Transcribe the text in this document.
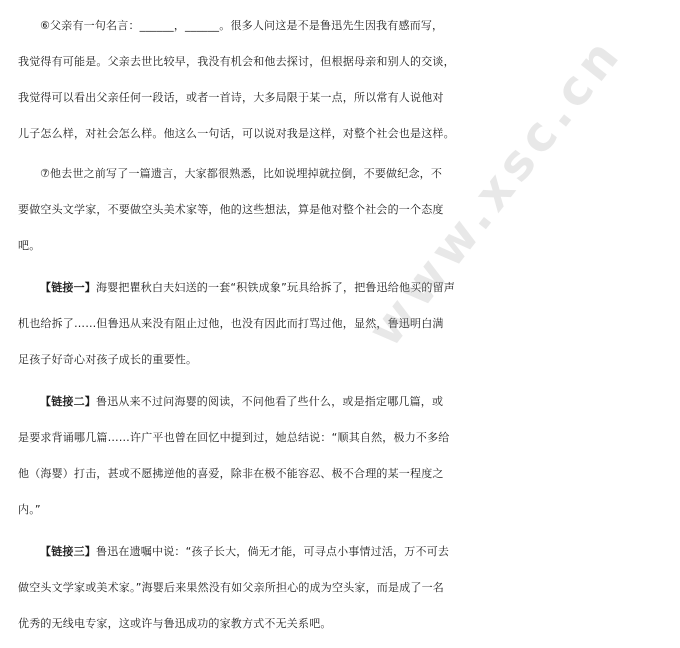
⑥父亲有一句名言：______，______。很多人问这是不是鲁迅先生因我有感而写，
我觉得有可能是。父亲去世比较早，我没有机会和他去探讨，但根据母亲和别人的交谈，
我觉得可以看出父亲任何一段话，或者一首诗，大多局限于某一点，所以常有人说他对
儿子怎么样，对社会怎么样。他这么一句话，可以说对我是这样，对整个社会也是这样。
⑦他去世之前写了一篇遗言，大家都很熟悉，比如说埋掉就拉倒，不要做纪念，不
要做空头文学家，不要做空头美术家等，他的这些想法，算是他对整个社会的一个态度
吧。
【链接一】海婴把瞿秋白夫妇送的一套“积铁成象”玩具给拆了，把鲁迅给他买的留声
机也给拆了……但鲁迅从来没有阻止过他，也没有因此而打骂过他，显然，鲁迅明白满
足孩子好奇心对孩子成长的重要性。
【链接二】鲁迅从来不过问海婴的阅读，不问他看了些什么，或是指定哪几篇，或
是要求背诵哪几篇……许广平也曾在回忆中提到过，她总结说：“顺其自然，极力不多给
他（海婴）打击，甚或不愿拂逆他的喜爱，除非在极不能容忍、极不合理的某一程度之
内。”
【链接三】鲁迅在遗嘱中说：“孩子长大，倘无才能，可寻点小事情过活，万不可去
做空头文学家或美术家。”海婴后来果然没有如父亲所担心的成为空头家，而是成了一名
优秀的无线电专家，这或许与鲁迅成功的家教方式不无关系吧。
www.xsc.cn
